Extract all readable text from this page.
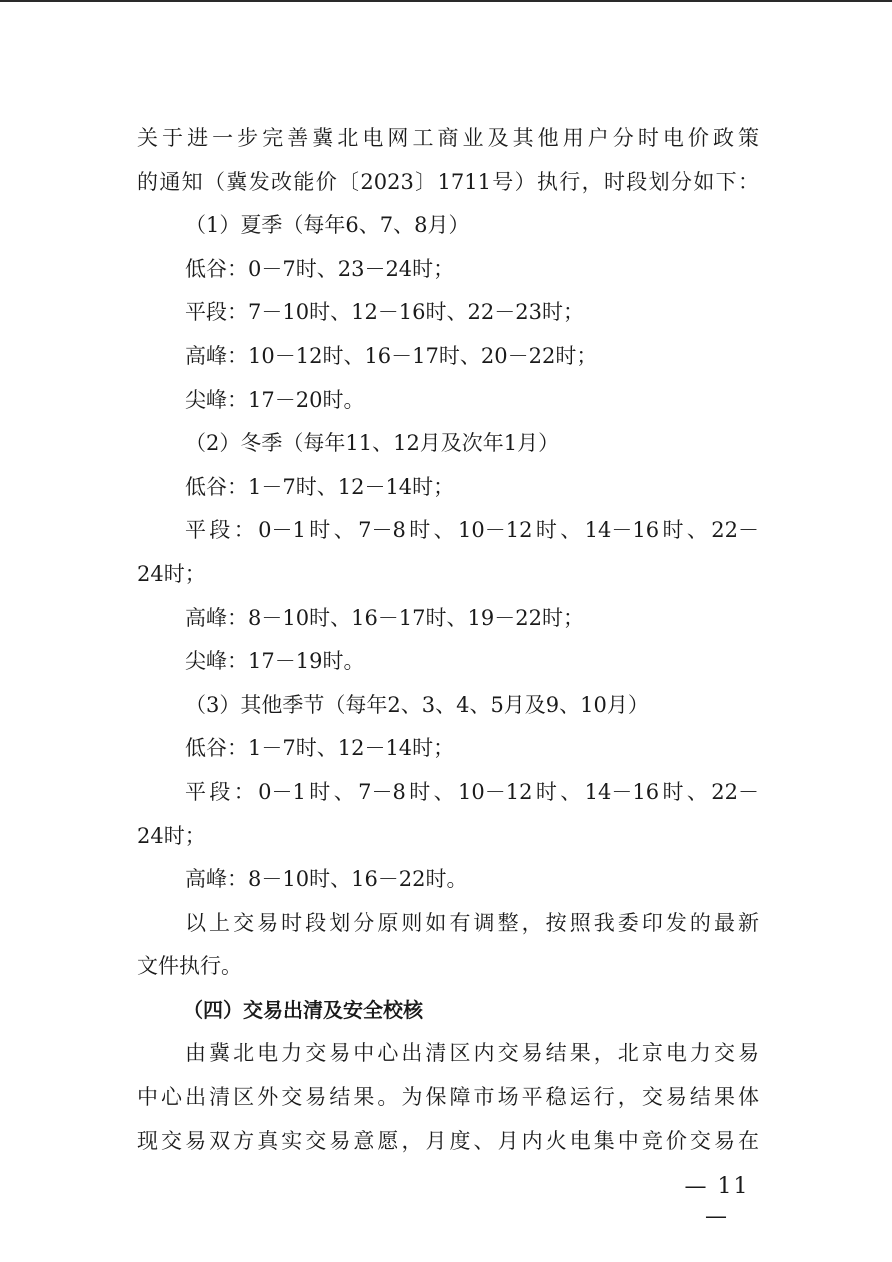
关于进一步完善冀北电网工商业及其他用户分时电价政策
的通知（冀发改能价〔2023〕1711号）执行，时段划分如下：
（1）夏季（每年6、7、8月）
低谷：0－7时、23－24时；
平段：7－10时、12－16时、22－23时；
高峰：10－12时、16－17时、20－22时；
尖峰：17－20时。
（2）冬季（每年11、12月及次年1月）
低谷：1－7时、12－14时；
平段：0－1时、7－8时、10－12时、14－16时、22－
24时；
高峰：8－10时、16－17时、19－22时；
尖峰：17－19时。
（3）其他季节（每年2、3、4、5月及9、10月）
低谷：1－7时、12－14时；
平段：0－1时、7－8时、10－12时、14－16时、22－
24时；
高峰：8－10时、16－22时。
以上交易时段划分原则如有调整，按照我委印发的最新
文件执行。
（四）交易出清及安全校核
由冀北电力交易中心出清区内交易结果，北京电力交易
中心出清区外交易结果。为保障市场平稳运行，交易结果体
现交易双方真实交易意愿，月度、月内火电集中竞价交易在
— 11 —
